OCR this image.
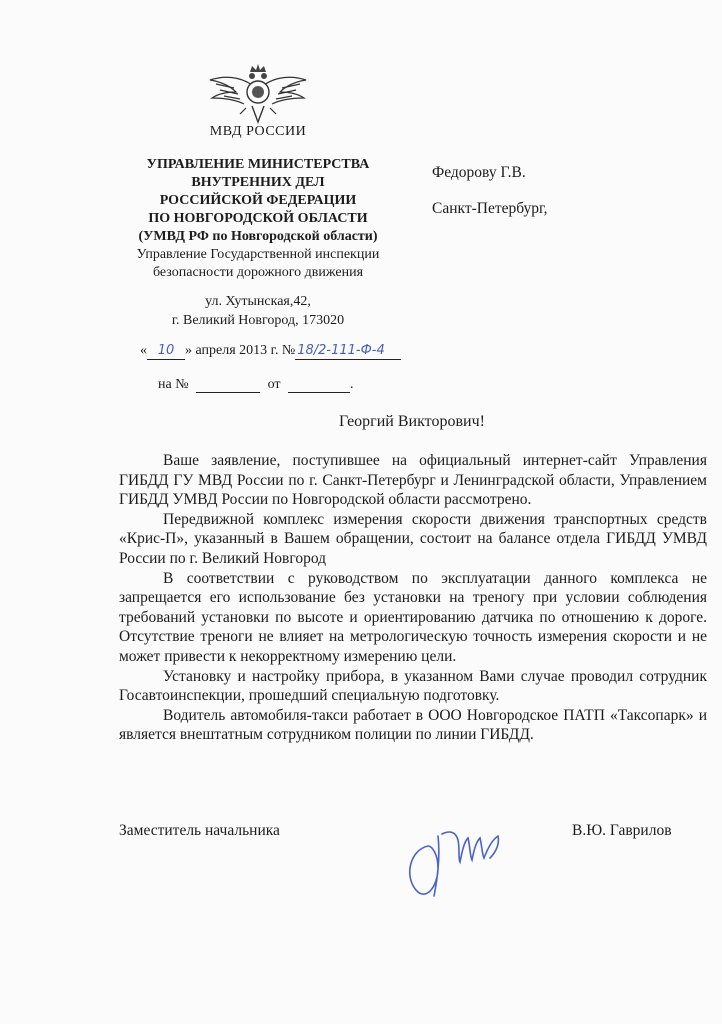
МВД РОССИИ
УПРАВЛЕНИЕ МИНИСТЕРСТВА
ВНУТРЕННИХ ДЕЛ
РОССИЙСКОЙ ФЕДЕРАЦИИ
ПО НОВГОРОДСКОЙ ОБЛАСТИ
(УМВД РФ по Новгородской области)
Управление Государственной инспекции
безопасности дорожного движения
Федорову Г.В.
Санкт-Петербург,
ул. Хутынская,42,
г. Великий Новгород, 173020
« 10 » апреля 2013 г. № 18/2-111-Ф-4
на №	от	.
Георгий Викторович!

Ваше заявление, поступившее на официальный интернет-сайт Управления ГИБДД ГУ МВД России по г. Санкт-Петербург и Ленинградской области, Управлением ГИБДД УМВД России по Новгородской области рассмотрено.

Передвижной комплекс измерения скорости движения транспортных средств «Крис-П», указанный в Вашем обращении, состоит на балансе отдела ГИБДД УМВД России по г. Великий Новгород

В соответствии с руководством по эксплуатации данного комплекса не запрещается его использование без установки на треногу при условии соблюдения требований установки по высоте и ориентированию датчика по отношению к дороге. Отсутствие треноги не влияет на метрологическую точность измерения скорости и не может привести к некорректному измерению цели.

Установку и настройку прибора, в указанном Вами случае проводил сотрудник Госавтоинспекции, прошедший специальную подготовку.

Водитель автомобиля-такси работает в ООО Новгородское ПАТП «Таксопарк» и является внештатным сотрудником полиции по линии ГИБДД.

Заместитель начальника	В.Ю. Гаврилов
